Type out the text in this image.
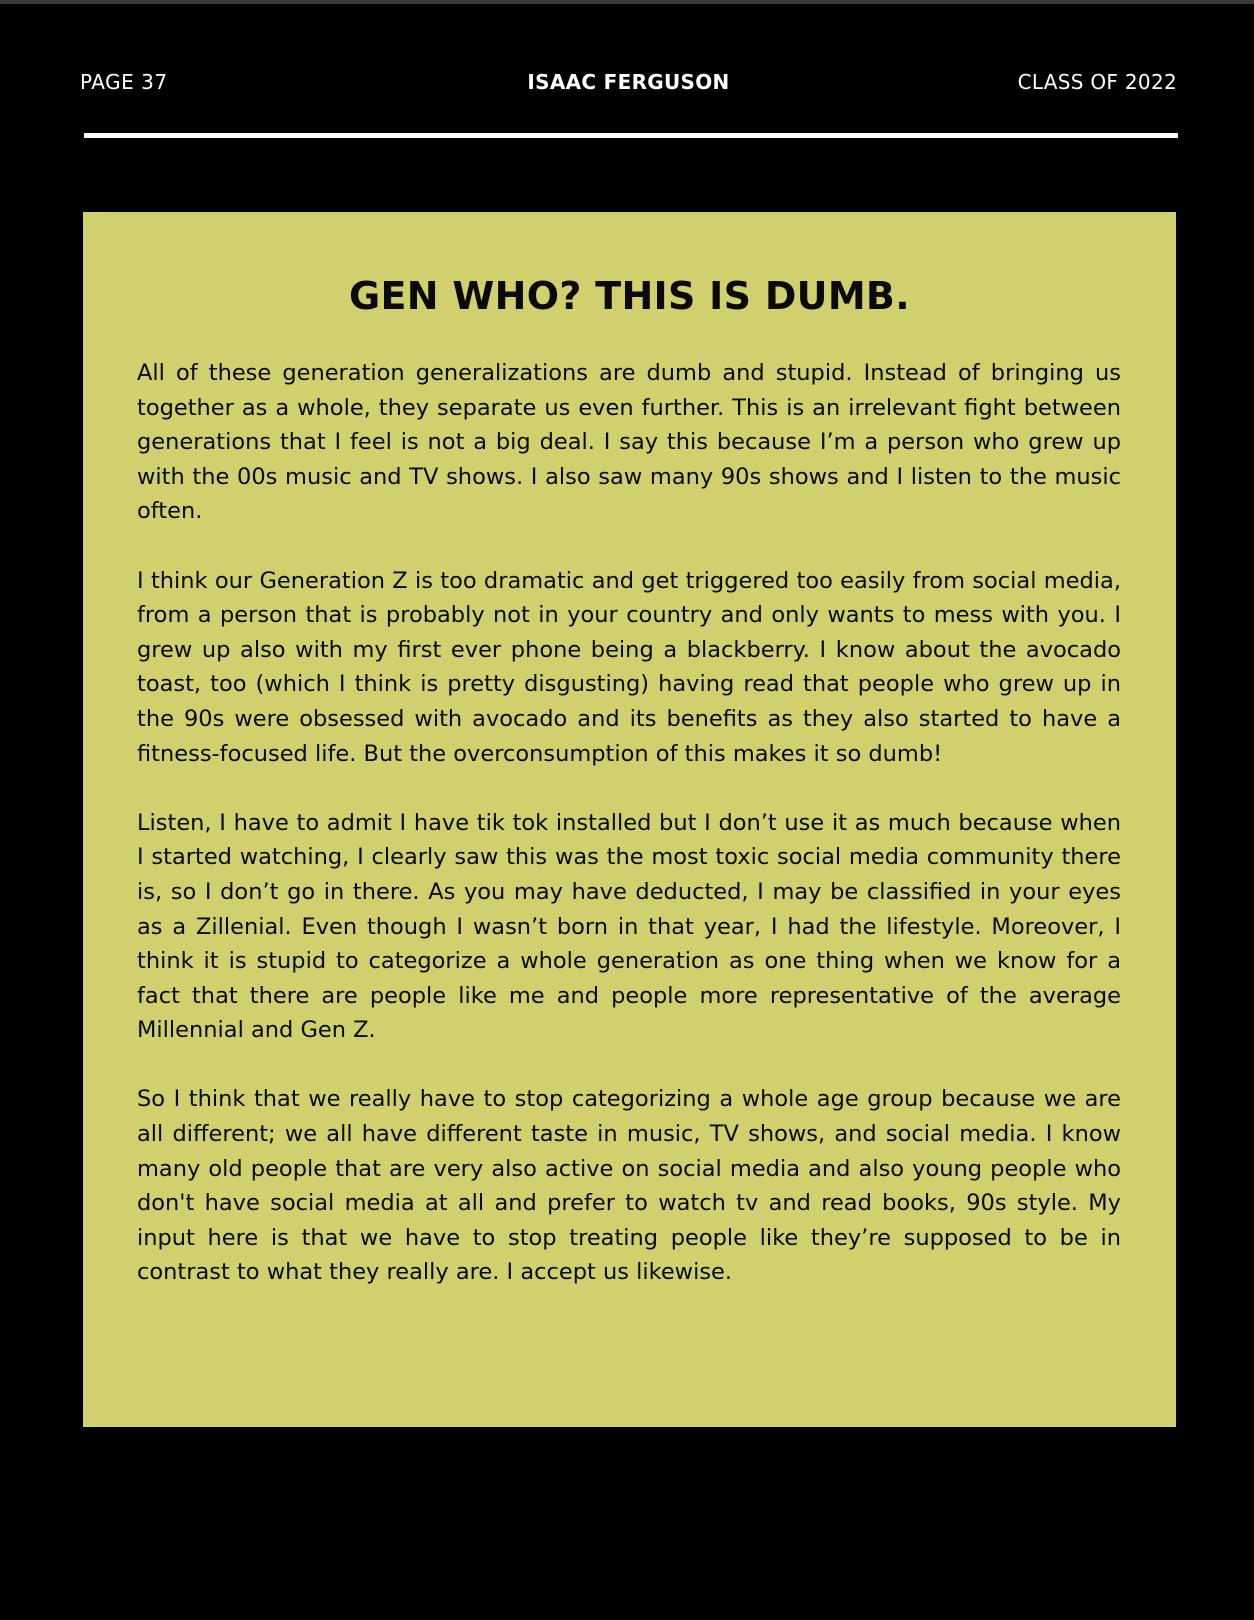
PAGE 37	ISAAC FERGUSON	CLASS OF 2022
GEN WHO? THIS IS DUMB.

All of these generation generalizations are dumb and stupid. Instead of bringing us together as a whole, they separate us even further. This is an irrelevant fight between generations that I feel is not a big deal. I say this because I’m a person who grew up with the 00s music and TV shows. I also saw many 90s shows and I listen to the music often.

I think our Generation Z is too dramatic and get triggered too easily from social media, from a person that is probably not in your country and only wants to mess with you. I grew up also with my first ever phone being a blackberry. I know about the avocado toast, too (which I think is pretty disgusting) having read that people who grew up in the 90s were obsessed with avocado and its benefits as they also started to have a fitness-focused life. But the overconsumption of this makes it so dumb!

Listen, I have to admit I have tik tok installed but I don’t use it as much because when I started watching, I clearly saw this was the most toxic social media community there is, so I don’t go in there. As you may have deducted, I may be classified in your eyes as a Zillenial. Even though I wasn’t born in that year, I had the lifestyle. Moreover, I think it is stupid to categorize a whole generation as one thing when we know for a fact that there are people like me and people more representative of the average Millennial and Gen Z.

So I think that we really have to stop categorizing a whole age group because we are all different; we all have different taste in music, TV shows, and social media. I know many old people that are very also active on social media and also young people who don't have social media at all and prefer to watch tv and read books, 90s style. My input here is that we have to stop treating people like they’re supposed to be in contrast to what they really are. I accept us likewise.
